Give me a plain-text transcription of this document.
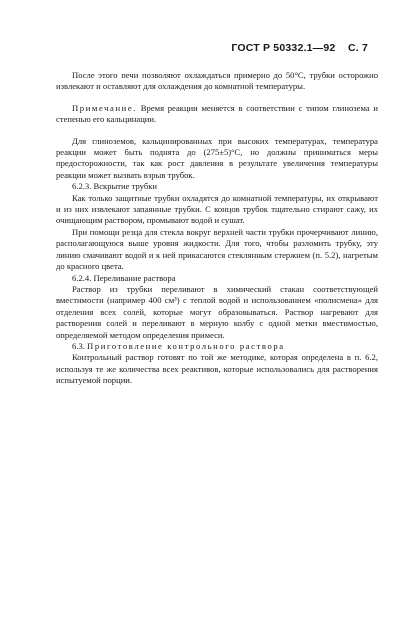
ГОСТ Р 50332.1—92 С. 7

После этого печи позволяют охлаждаться примерно до 50°С, трубки осторожно извлекают и оставляют для охлаждения до комнатной температуры.

Примечание. Время реакции меняется в соответствии с типом глинозема и степенью его кальцинации.

Для глиноземов, кальцинированных при высоких температурах, температура реакции может быть поднята до (275±5)°С, но должны приниматься меры предосторожности, так как рост давления в результате увеличения температуры реакции может вызвать взрыв трубок.

6.2.3. Вскрытие трубки

Как только защитные трубки охладятся до комнатной температуры, их открывают и из них извлекают запаянные трубки. С концов трубок тщательно стирают сажу, их очищающим раствором, промывают водой и сушат.

При помощи резца для стекла вокруг верхней части трубки прочерчивают линию, располагающуюся выше уровня жидкости. Для того, чтобы разломить трубку, эту линию смачивают водой и к ней прикасаются стеклянным стержнем (п. 5.2), нагретым до красного цвета.

6.2.4. Переливание раствора

Раствор из трубки переливают в химический стакан соответствующей вместимости (например 400 см³) с теплой водой и использованием «полисмена» для отделения всех солей, которые могут образовываться. Раствор нагревают для растворения солей и переливают в мерную колбу с одной метки вместимостью, определяемой методом определения примеси.

6.3. Приготовление контрольного раствора

Контрольный раствор готовят по той же методике, которая определена в п. 6.2, используя те же количества всех реактивов, которые использовались для растворения испытуемой порции.
